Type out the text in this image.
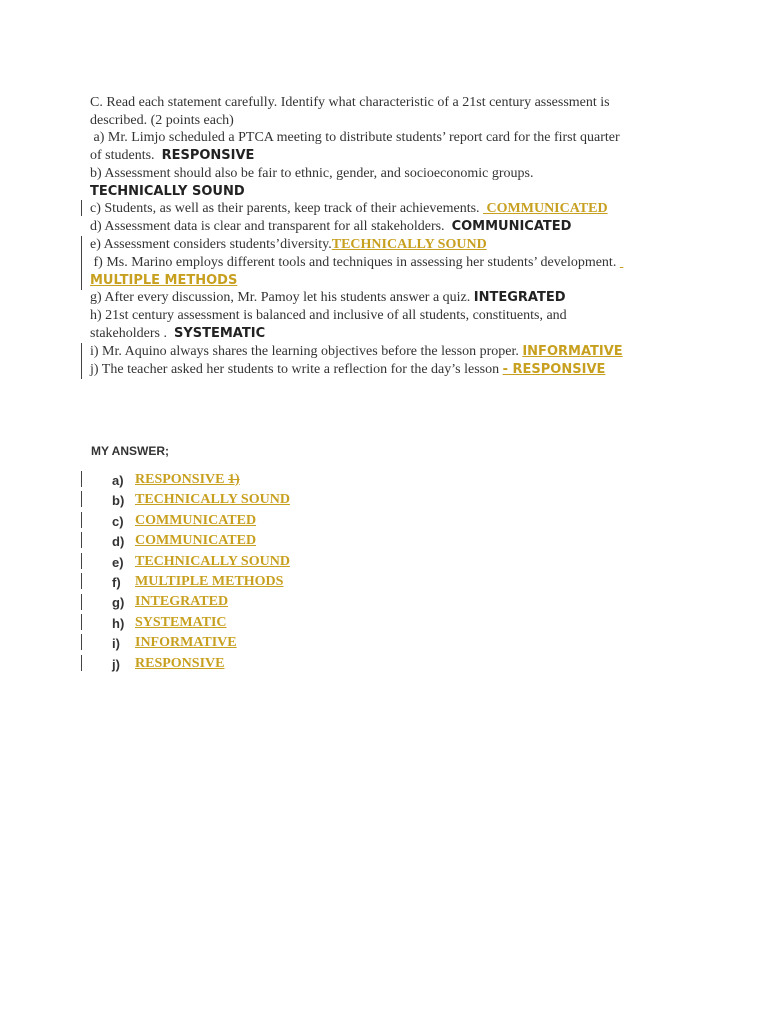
C. Read each statement carefully. Identify what characteristic of a 21st century assessment is
described. (2 points each)
a) Mr. Limjo scheduled a PTCA meeting to distribute students’ report card for the first quarter
of students.  RESPONSIVE
b) Assessment should also be fair to ethnic, gender, and socioeconomic groups.
TECHNICALLY SOUND
c) Students, as well as their parents, keep track of their achievements.  COMMUNICATED
d) Assessment data is clear and transparent for all stakeholders.  COMMUNICATED
e) Assessment considers students’diversity.TECHNICALLY SOUND
f) Ms. Marino employs different tools and techniques in assessing her students’ development.
MULTIPLE METHODS
g) After every discussion, Mr. Pamoy let his students answer a quiz. INTEGRATED
h) 21st century assessment is balanced and inclusive of all students, constituents, and
stakeholders .  SYSTEMATIC
i) Mr. Aquino always shares the learning objectives before the lesson proper. INFORMATIVE
j) The teacher asked her students to write a reflection for the day’s lesson - RESPONSIVE
MY ANSWER;
a) RESPONSIVE 1)
b) TECHNICALLY SOUND
c) COMMUNICATED
d) COMMUNICATED
e) TECHNICALLY SOUND
f) MULTIPLE METHODS
g) INTEGRATED
h) SYSTEMATIC
i) INFORMATIVE
j) RESPONSIVE
